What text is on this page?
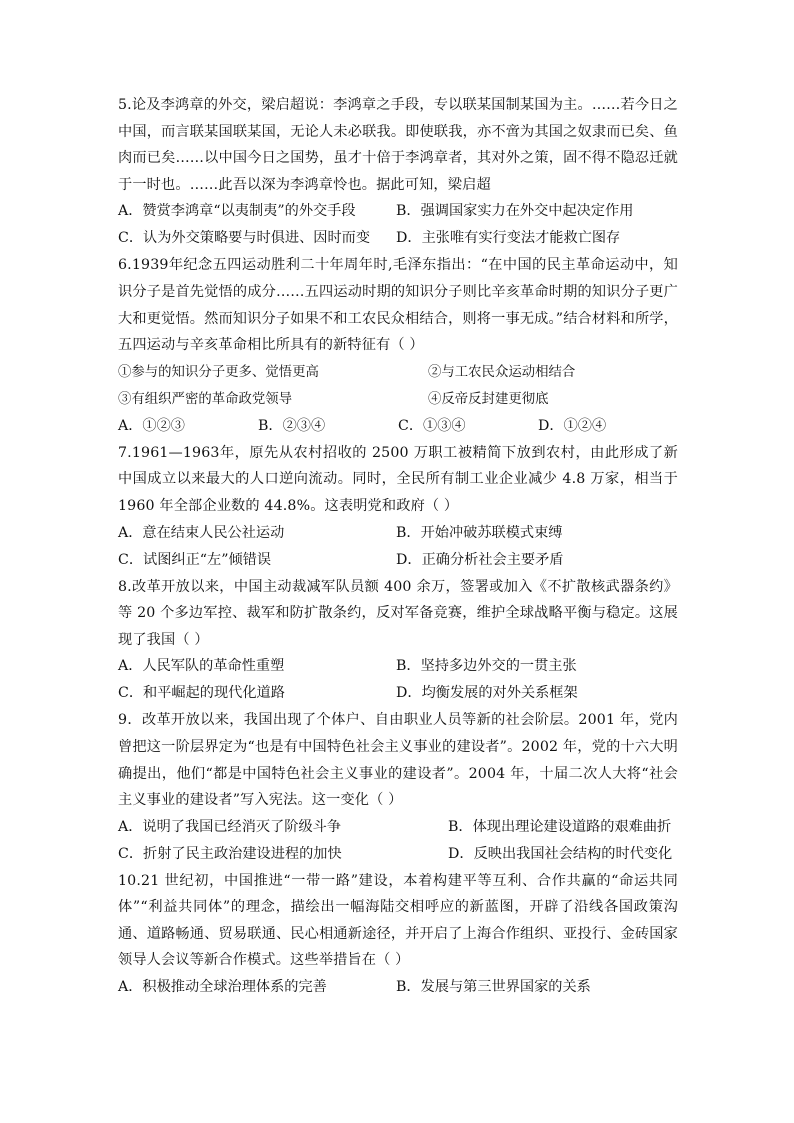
5.论及李鸿章的外交，梁启超说：李鸿章之手段，专以联某国制某国为主。……若今日之中国，而言联某国联某国，无论人未必联我。即使联我，亦不啻为其国之奴隶而已矣、鱼肉而已矣……以中国今日之国势，虽才十倍于李鸿章者，其对外之策，固不得不隐忍迁就于一时也。……此吾以深为李鸿章怜也。据此可知，梁启超

A．赞赏李鸿章“以夷制夷”的外交手段	B．强调国家实力在外交中起决定作用
C．认为外交策略要与时俱进、因时而变	D．主张唯有实行变法才能救亡图存

6.1939年纪念五四运动胜利二十年周年时,毛泽东指出：“在中国的民主革命运动中，知识分子是首先觉悟的成分……五四运动时期的知识分子则比辛亥革命时期的知识分子更广大和更觉悟。然而知识分子如果不和工农民众相结合，则将一事无成。”结合材料和所学，五四运动与辛亥革命相比所具有的新特征有（ ）

①参与的知识分子更多、觉悟更高	②与工农民众运动相结合
③有组织严密的革命政党领导	④反帝反封建更彻底
A．①②③	B．②③④	C．①③④	D．①②④

7.1961—1963年，原先从农村招收的 2500 万职工被精简下放到农村，由此形成了新中国成立以来最大的人口逆向流动。同时，全民所有制工业企业减少 4.8 万家，相当于 1960 年全部企业数的 44.8%。这表明党和政府（ ）

A．意在结束人民公社运动	B．开始冲破苏联模式束缚
C．试图纠正“左”倾错误	D．正确分析社会主要矛盾

8.改革开放以来，中国主动裁减军队员额 400 余万，签署或加入《不扩散核武器条约》等 20 个多边军控、裁军和防扩散条约，反对军备竞赛，维护全球战略平衡与稳定。这展现了我国（ ）

A．人民军队的革命性重塑	B．坚持多边外交的一贯主张
C．和平崛起的现代化道路	D．均衡发展的对外关系框架

9．改革开放以来，我国出现了个体户、自由职业人员等新的社会阶层。2001 年，党内曾把这一阶层界定为“也是有中国特色社会主义事业的建设者”。2002 年，党的十六大明确提出，他们“都是中国特色社会主义事业的建设者”。2004 年，十届二次人大将“社会主义事业的建设者”写入宪法。这一变化（ ）

A．说明了我国已经消灭了阶级斗争	B．体现出理论建设道路的艰难曲折
C．折射了民主政治建设进程的加快	D．反映出我国社会结构的时代变化

10.21 世纪初，中国推进“一带一路”建设，本着构建平等互利、合作共赢的“命运共同体”“利益共同体”的理念，描绘出一幅海陆交相呼应的新蓝图，开辟了沿线各国政策沟通、道路畅通、贸易联通、民心相通新途径，并开启了上海合作组织、亚投行、金砖国家领导人会议等新合作模式。这些举措旨在（ ）

A．积极推动全球治理体系的完善	B．发展与第三世界国家的关系
